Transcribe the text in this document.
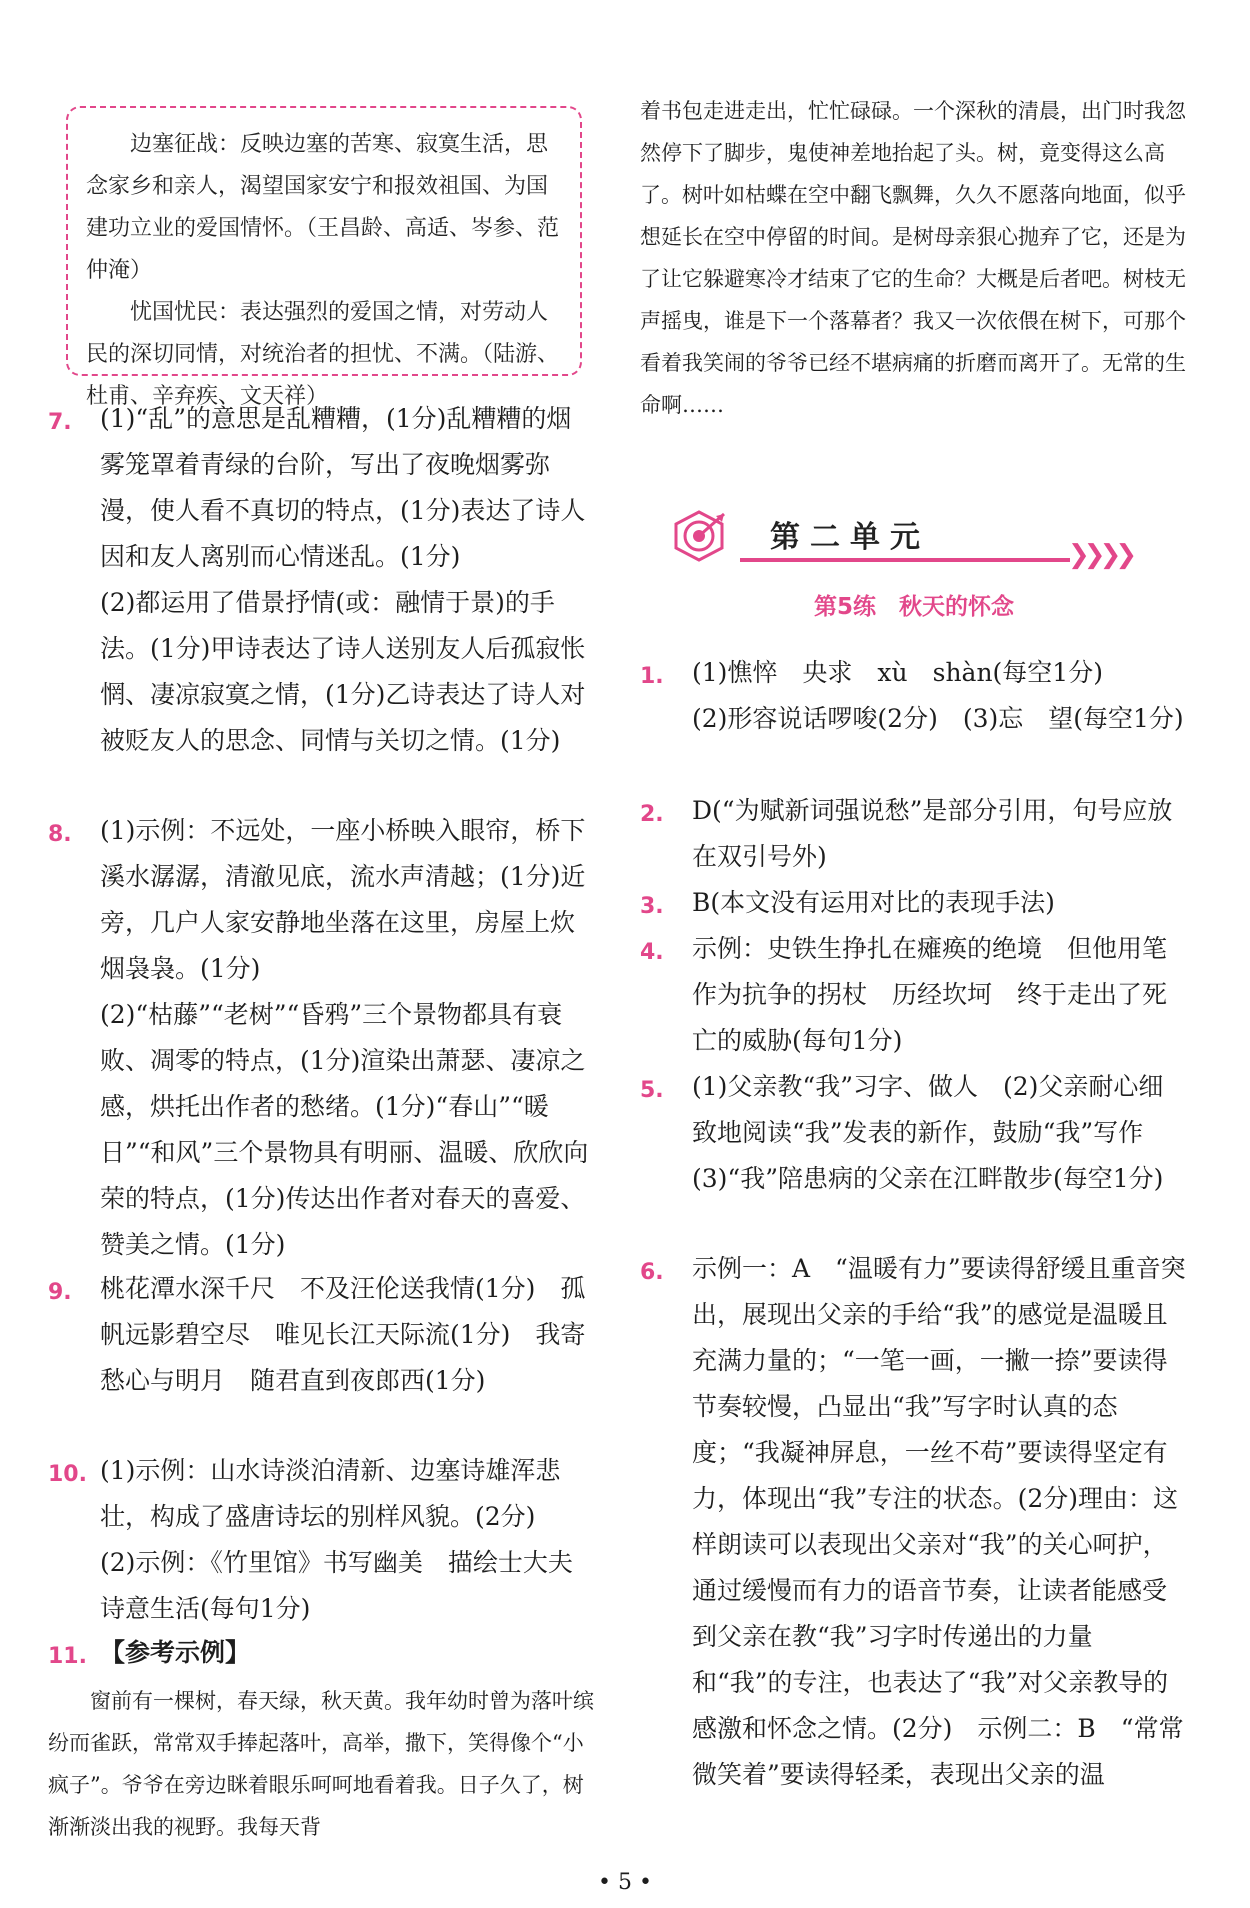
边塞征战：反映边塞的苦寒、寂寞生活，思念家乡和亲人，渴望国家安宁和报效祖国、为国建功立业的爱国情怀。（王昌龄、高适、岑参、范仲淹）

忧国忧民：表达强烈的爱国之情，对劳动人民的深切同情，对统治者的担忧、不满。（陆游、杜甫、辛弃疾、文天祥）

7.	(1)“乱”的意思是乱糟糟，(1分)乱糟糟的烟雾笼罩着青绿的台阶，写出了夜晚烟雾弥漫，使人看不真切的特点，(1分)表达了诗人因和友人离别而心情迷乱。(1分)

(2)都运用了借景抒情(或：融情于景)的手法。(1分)甲诗表达了诗人送别友人后孤寂怅惘、凄凉寂寞之情，(1分)乙诗表达了诗人对被贬友人的思念、同情与关切之情。(1分)

8.	(1)示例：不远处，一座小桥映入眼帘，桥下溪水潺潺，清澈见底，流水声清越；(1分)近旁，几户人家安静地坐落在这里，房屋上炊烟袅袅。(1分)

(2)“枯藤”“老树”“昏鸦”三个景物都具有衰败、凋零的特点，(1分)渲染出萧瑟、凄凉之感，烘托出作者的愁绪。(1分)“春山”“暖日”“和风”三个景物具有明丽、温暖、欣欣向荣的特点，(1分)传达出作者对春天的喜爱、赞美之情。(1分)

9.	桃花潭水深千尺　不及汪伦送我情(1分)　孤帆远影碧空尽　唯见长江天际流(1分)　我寄愁心与明月　随君直到夜郎西(1分)

10. (1)示例：山水诗淡泊清新、边塞诗雄浑悲壮，构成了盛唐诗坛的别样风貌。(2分)

(2)示例：《竹里馆》书写幽美　描绘士大夫诗意生活(每句1分)

11. 【参考示例】

窗前有一棵树，春天绿，秋天黄。我年幼时曾为落叶缤纷而雀跃，常常双手捧起落叶，高举，撒下，笑得像个“小疯子”。爷爷在旁边眯着眼乐呵呵地看着我。日子久了，树渐渐淡出我的视野。我每天背

着书包走进走出，忙忙碌碌。一个深秋的清晨，出门时我忽然停下了脚步，鬼使神差地抬起了头。树，竟变得这么高了。树叶如枯蝶在空中翻飞飘舞，久久不愿落向地面，似乎想延长在空中停留的时间。是树母亲狠心抛弃了它，还是为了让它躲避寒冷才结束了它的生命？大概是后者吧。树枝无声摇曳，谁是下一个落幕者？我又一次依偎在树下，可那个看着我笑闹的爷爷已经不堪病痛的折磨而离开了。无常的生命啊……

第二单元	❯❯❯❯
第5练　秋天的怀念
1.	(1)憔悴　央求　xù　shàn(每空1分)

(2)形容说话啰唆(2分)　(3)忘　望(每空1分)

2.	D(“为赋新词强说愁”是部分引用，句号应放在双引号外)

3.	B(本文没有运用对比的表现手法)

4.	示例：史铁生挣扎在瘫痪的绝境　但他用笔作为抗争的拐杖　历经坎坷　终于走出了死亡的威胁(每句1分)

5.	(1)父亲教“我”习字、做人　(2)父亲耐心细致地阅读“我”发表的新作，鼓励“我”写作　(3)“我”陪患病的父亲在江畔散步(每空1分)

6.	示例一：A　“温暖有力”要读得舒缓且重音突出，展现出父亲的手给“我”的感觉是温暖且充满力量的；“一笔一画，一撇一捺”要读得节奏较慢，凸显出“我”写字时认真的态度；“我凝神屏息，一丝不苟”要读得坚定有力，体现出“我”专注的状态。(2分)理由：这样朗读可以表现出父亲对“我”的关心呵护，通过缓慢而有力的语音节奏，让读者能感受到父亲在教“我”习字时传递出的力量和“我”的专注，也表达了“我”对父亲教导的感激和怀念之情。(2分)　示例二：B　“常常微笑着”要读得轻柔，表现出父亲的温

• 5 •
